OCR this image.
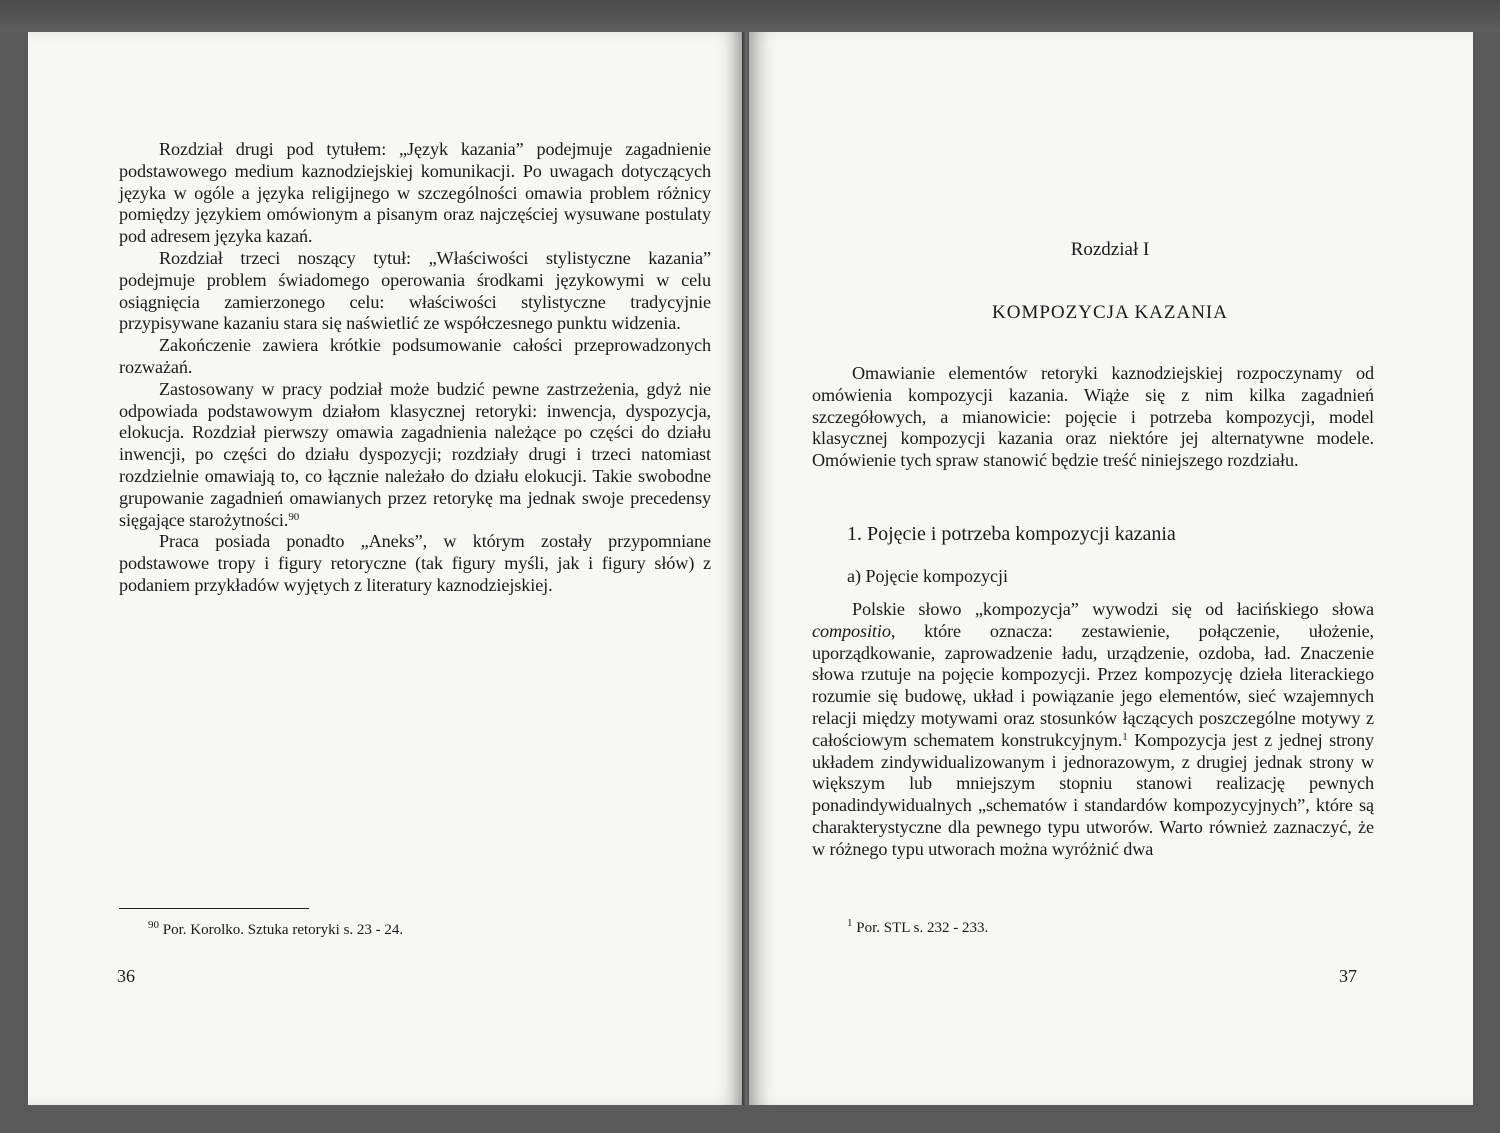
Rozdział drugi pod tytułem: „Język kazania” podejmuje zagadnienie podstawowego medium kaznodziejskiej komunikacji. Po uwagach dotyczących języka w ogóle a języka religijnego w szczególności omawia problem różnicy pomiędzy językiem omówionym a pisanym oraz najczęściej wysuwane postulaty pod adresem języka kazań.

Rozdział trzeci noszący tytuł: „Właściwości stylistyczne kazania” podejmuje problem świadomego operowania środkami językowymi w celu osiągnięcia zamierzonego celu: właściwości stylistyczne tradycyjnie przypisywane kazaniu stara się naświetlić ze współczesnego punktu widzenia.

Zakończenie zawiera krótkie podsumowanie całości przeprowadzonych rozważań.

Zastosowany w pracy podział może budzić pewne zastrzeżenia, gdyż nie odpowiada podstawowym działom klasycznej retoryki: inwencja, dyspozycja, elokucja. Rozdział pierwszy omawia zagadnienia należące po części do działu inwencji, po części do działu dyspozycji; rozdziały drugi i trzeci natomiast rozdzielnie omawiają to, co łącznie należało do działu elokucji. Takie swobodne grupowanie zagadnień omawianych przez retorykę ma jednak swoje precedensy sięgające starożytności.$^{90}$

Praca posiada ponadto „Aneks”, w którym zostały przypomniane podstawowe tropy i figury retoryczne (tak figury myśli, jak i figury słów) z podaniem przykładów wyjętych z literatury kaznodziejskiej.

$^{90}$ Por. Korolko. Sztuka retoryki s. 23 - 24.
36
Rozdział I
KOMPOZYCJA KAZANIA

Omawianie elementów retoryki kaznodziejskiej rozpoczynamy od omówienia kompozycji kazania. Wiąże się z nim kilka zagadnień szczegółowych, a mianowicie: pojęcie i potrzeba kompozycji, model klasycznej kompozycji kazania oraz niektóre jej alternatywne modele. Omówienie tych spraw stanowić będzie treść niniejszego rozdziału.

1. Pojęcie i potrzeba kompozycji kazania
a) Pojęcie kompozycji

Polskie słowo „kompozycja” wywodzi się od łacińskiego słowa compositio, które oznacza: zestawienie, połączenie, ułożenie, uporządkowanie, zaprowadzenie ładu, urządzenie, ozdoba, ład. Znaczenie słowa rzutuje na pojęcie kompozycji. Przez kompozycję dzieła literackiego rozumie się budowę, układ i powiązanie jego elementów, sieć wzajemnych relacji między motywami oraz stosunków łączących poszczególne motywy z całościowym schematem konstrukcyjnym.$^1$ Kompozycja jest z jednej strony układem zindywidualizowanym i jednorazowym, z drugiej jednak strony w większym lub mniejszym stopniu stanowi realizację pewnych ponadindywidualnych „schematów i standardów kompozycyjnych”, które są charakterystyczne dla pewnego typu utworów. Warto również zaznaczyć, że w różnego typu utworach można wyróżnić dwa

$^1$ Por. STL s. 232 - 233.
37
